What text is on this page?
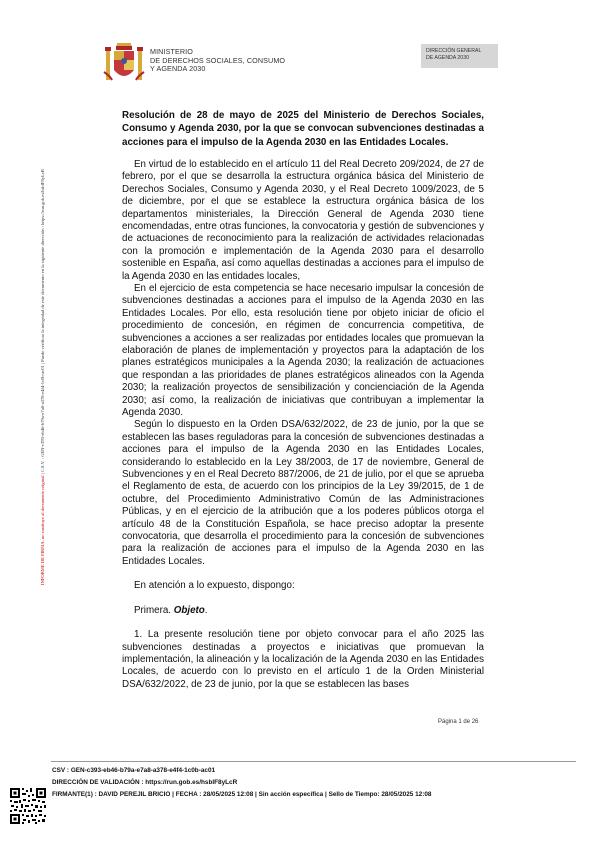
MINISTERIO
DE DERECHOS SOCIALES, CONSUMO
Y AGENDA 2030
DIRECCIÓN GENERAL
DE AGENDA 2030
INFORME DE FIRMA, no sustituye al documento original | C.S.V. : GEN-c393-eb46-b79a-e7a8-a378-e4f4-1c0b-ac01 | Puede verificar la integridad de este documento en la siguiente dirección : https://run.gob.es/hsblF8yLcR

Resolución de 28 de mayo de 2025 del Ministerio de Derechos Sociales, Consumo y Agenda 2030, por la que se convocan subvenciones destinadas a acciones para el impulso de la Agenda 2030 en las Entidades Locales.

En virtud de lo establecido en el artículo 11 del Real Decreto 209/2024, de 27 de febrero, por el que se desarrolla la estructura orgánica básica del Ministerio de Derechos Sociales, Consumo y Agenda 2030, y el Real Decreto 1009/2023, de 5 de diciembre, por el que se establece la estructura orgánica básica de los departamentos ministeriales, la Dirección General de Agenda 2030 tiene encomendadas, entre otras funciones, la convocatoria y gestión de subvenciones y de actuaciones de reconocimiento para la realización de actividades relacionadas con la promoción e implementación de la Agenda 2030 para el desarrollo sostenible en España, así como aquellas destinadas a acciones para el impulso de la Agenda 2030 en las entidades locales,

En el ejercicio de esta competencia se hace necesario impulsar la concesión de subvenciones destinadas a acciones para el impulso de la Agenda 2030 en las Entidades Locales. Por ello, esta resolución tiene por objeto iniciar de oficio el procedimiento de concesión, en régimen de concurrencia competitiva, de subvenciones a acciones a ser realizadas por entidades locales que promuevan la elaboración de planes de implementación y proyectos para la adaptación de los planes estratégicos municipales a la Agenda 2030; la realización de actuaciones que respondan a las prioridades de planes estratégicos alineados con la Agenda 2030; la realización proyectos de sensibilización y concienciación de la Agenda 2030; así como, la realización de iniciativas que contribuyan a implementar la Agenda 2030.

Según lo dispuesto en la Orden DSA/632/2022, de 23 de junio, por la que se establecen las bases reguladoras para la concesión de subvenciones destinadas a acciones para el impulso de la Agenda 2030 en las Entidades Locales, considerando lo establecido en la Ley 38/2003, de 17 de noviembre, General de Subvenciones y en el Real Decreto 887/2006, de 21 de julio, por el que se aprueba el Reglamento de esta, de acuerdo con los principios de la Ley 39/2015, de 1 de octubre, del Procedimiento Administrativo Común de las Administraciones Públicas, y en el ejercicio de la atribución que a los poderes públicos otorga el artículo 48 de la Constitución Española, se hace preciso adoptar la presente convocatoria, que desarrolla el procedimiento para la concesión de subvenciones para la realización de acciones para el impulso de la Agenda 2030 en las Entidades Locales.

En atención a lo expuesto, dispongo:

Primera. Objeto.

1. La presente resolución tiene por objeto convocar para el año 2025 las subvenciones destinadas a proyectos e iniciativas que promuevan la implementación, la alineación y la localización de la Agenda 2030 en las Entidades Locales, de acuerdo con lo previsto en el artículo 1 de la Orden Ministerial DSA/632/2022, de 23 de junio, por la que se establecen las bases

Página 1 de 26
CSV : GEN-c393-eb46-b79a-e7a8-a378-e4f4-1c0b-ac01
DIRECCIÓN DE VALIDACIÓN : https://run.gob.es/hsblF8yLcR
FIRMANTE(1) : DAVID PEREJIL BRICIO | FECHA : 28/05/2025 12:08 | Sin acción específica | Sello de Tiempo: 28/05/2025 12:08
